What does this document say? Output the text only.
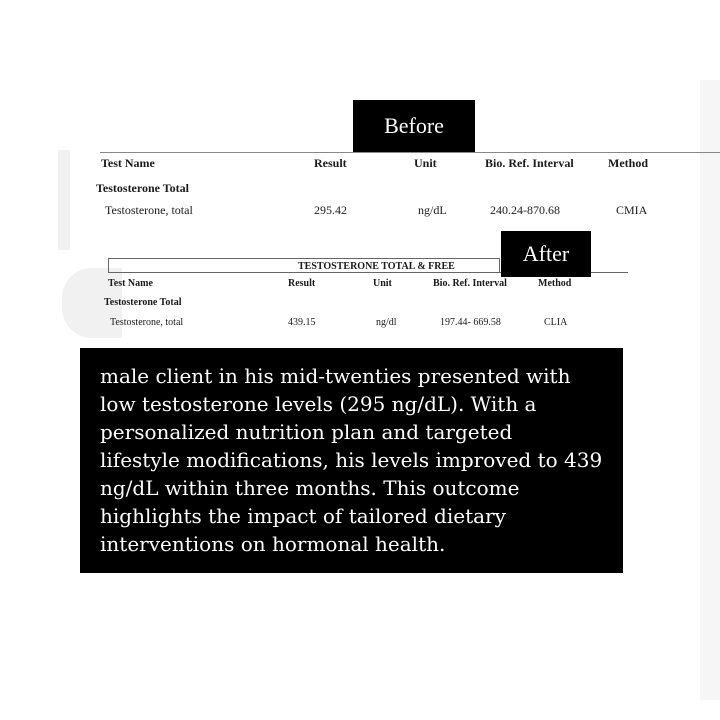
Test Name	Result	Unit	Bio. Ref. Interval	Method
Testosterone Total
Testosterone, total	295.42	ng/dL	240.24-870.68	CMIA
Before
TESTOSTERONE TOTAL & FREE
Test Name	Result	Unit	Bio. Ref. Interval	Method
Testosterone Total
Testosterone, total	439.15	ng/dl	197.44- 669.58	CLIA
After
male client in his mid-twenties presented with
low testosterone levels (295 ng/dL). With a
personalized nutrition plan and targeted
lifestyle modifications, his levels improved to 439
ng/dL within three months. This outcome
highlights the impact of tailored dietary
interventions on hormonal health.
